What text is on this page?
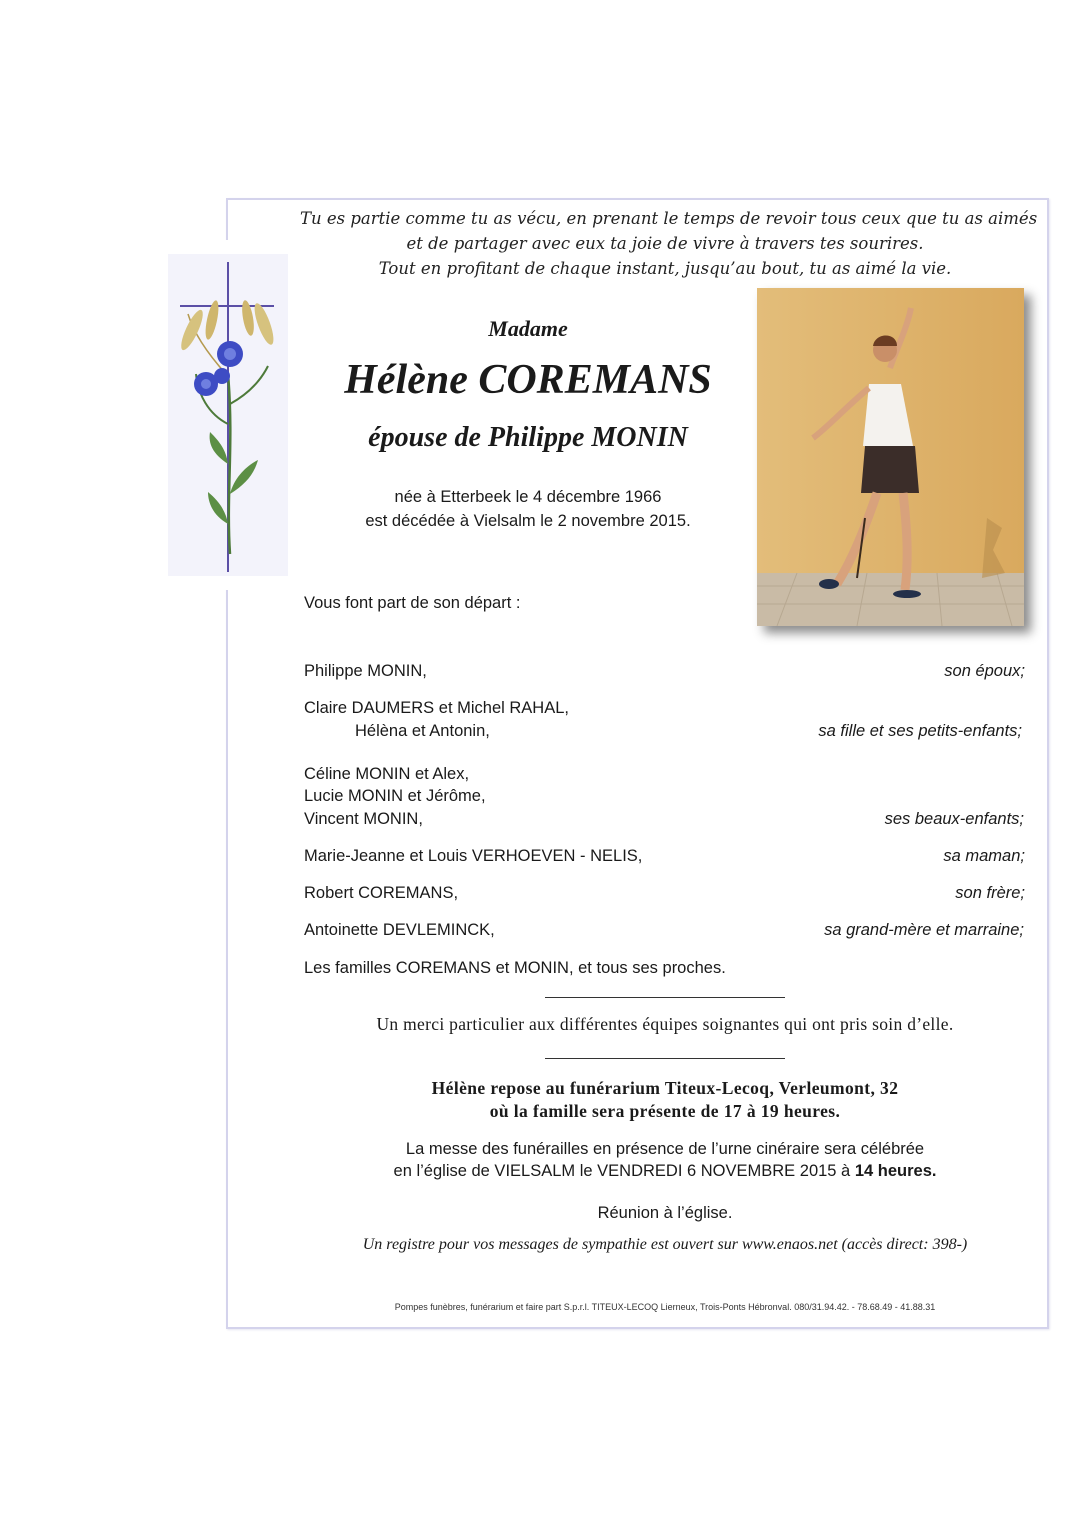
Tu es partie comme tu as vécu, en prenant le temps de revoir tous ceux que tu as aimés
et de partager avec eux ta joie de vivre à travers tes sourires.
Tout en profitant de chaque instant, jusqu’au bout, tu as aimé la vie.
Madame
Hélène COREMANS
épouse de Philippe MONIN
née à Etterbeek le 4 décembre 1966
est décédée à Vielsalm le 2 novembre 2015.
Vous font part de son départ :
Philippe MONIN,	son époux;
Claire DAUMERS et Michel RAHAL,
Hélèna et Antonin,	sa fille et ses petits-enfants;
Céline MONIN et Alex,
Lucie MONIN et Jérôme,
Vincent MONIN,	ses beaux-enfants;
Marie-Jeanne et Louis VERHOEVEN - NELIS,	sa maman;
Robert COREMANS,	son frère;
Antoinette DEVLEMINCK,	sa grand-mère et marraine;
Les familles COREMANS et MONIN, et tous ses proches.
Un merci particulier aux différentes équipes soignantes qui ont pris soin d’elle.
Hélène repose au funérarium Titeux-Lecoq, Verleumont, 32
où la famille sera présente de 17 à 19 heures.
La messe des funérailles en présence de l’urne cinéraire sera célébrée
en l’église de VIELSALM le VENDREDI 6 NOVEMBRE 2015 à 14 heures.
Réunion à l’église.
Un registre pour vos messages de sympathie est ouvert sur www.enaos.net (accès direct: 398-)
Pompes funèbres, funérarium et faire part S.p.r.l. TITEUX-LECOQ Lierneux, Trois-Ponts Hébronval. 080/31.94.42. - 78.68.49 - 41.88.31
